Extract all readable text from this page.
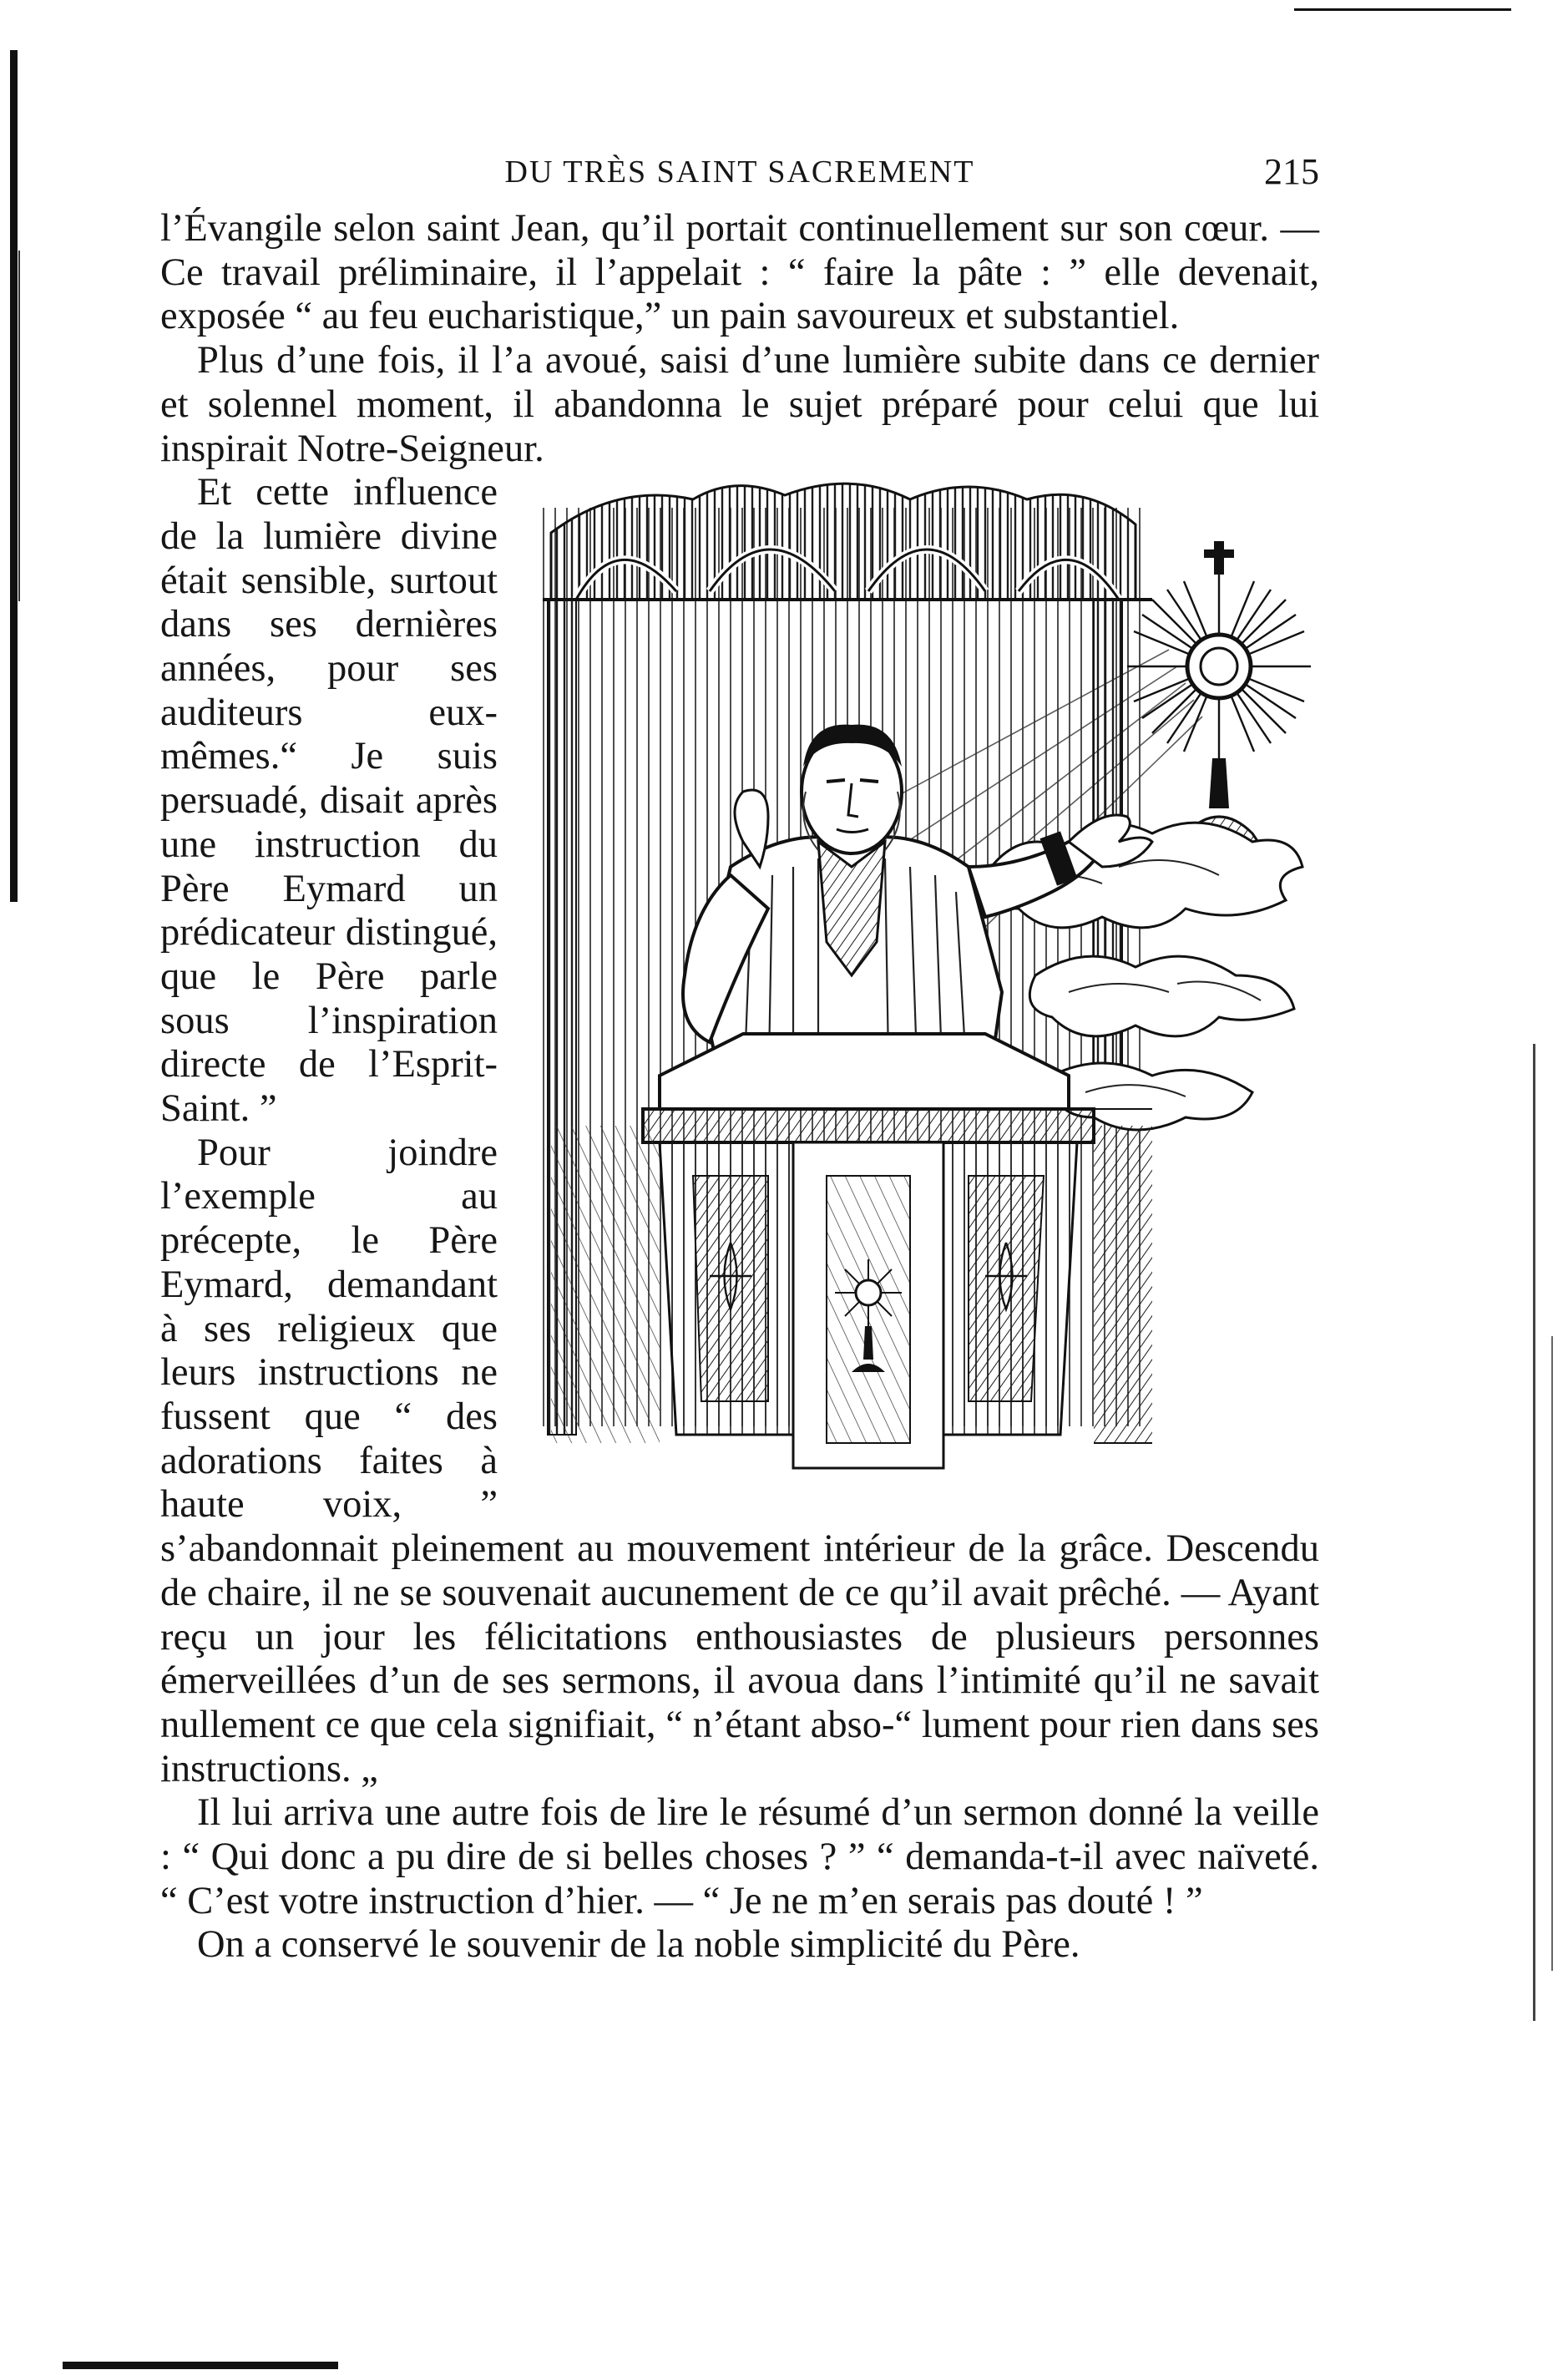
DU TRÈS SAINT SACREMENT	215

l’Évangile selon saint Jean, qu’il portait continuellement sur son cœur. — Ce travail préliminaire, il l’appelait : “ faire la pâte : ” elle devenait, exposée “ au feu eucharistique,” un pain savoureux et substantiel.

Plus d’une fois, il l’a avoué, saisi d’une lumière subite dans ce dernier et solennel moment, il abandonna le sujet préparé pour celui que lui inspirait Notre-Seigneur.

Et cette influence de la lumière divine était sensible, surtout dans ses dernières années, pour ses auditeurs eux-mêmes.“ Je suis persuadé, disait après une instruction du Père Eymard un prédicateur distingué, que le Père parle sous l’inspiration directe de l’Esprit-Saint. ”

Pour joindre l’exemple au précepte, le Père Eymard, demandant à ses religieux que leurs instructions ne fussent que “ des adorations faites à haute voix, ” s’abandonnait pleinement au mouvement intérieur de la grâce. Descendu de chaire, il ne se souvenait aucunement de ce qu’il avait prêché. — Ayant reçu un jour les félicitations enthousiastes de plusieurs personnes émerveillées d’un de ses sermons, il avoua dans l’intimité qu’il ne savait nullement ce que cela signifiait, “ n’étant abso-“ lument pour rien dans ses instructions. „

Il lui arriva une autre fois de lire le résumé d’un sermon donné la veille : “ Qui donc a pu dire de si belles choses ? ” “ demanda-t-il avec naïveté. “ C’est votre instruction d’hier. — “ Je ne m’en serais pas douté ! ”

On a conservé le souvenir de la noble simplicité du Père.
